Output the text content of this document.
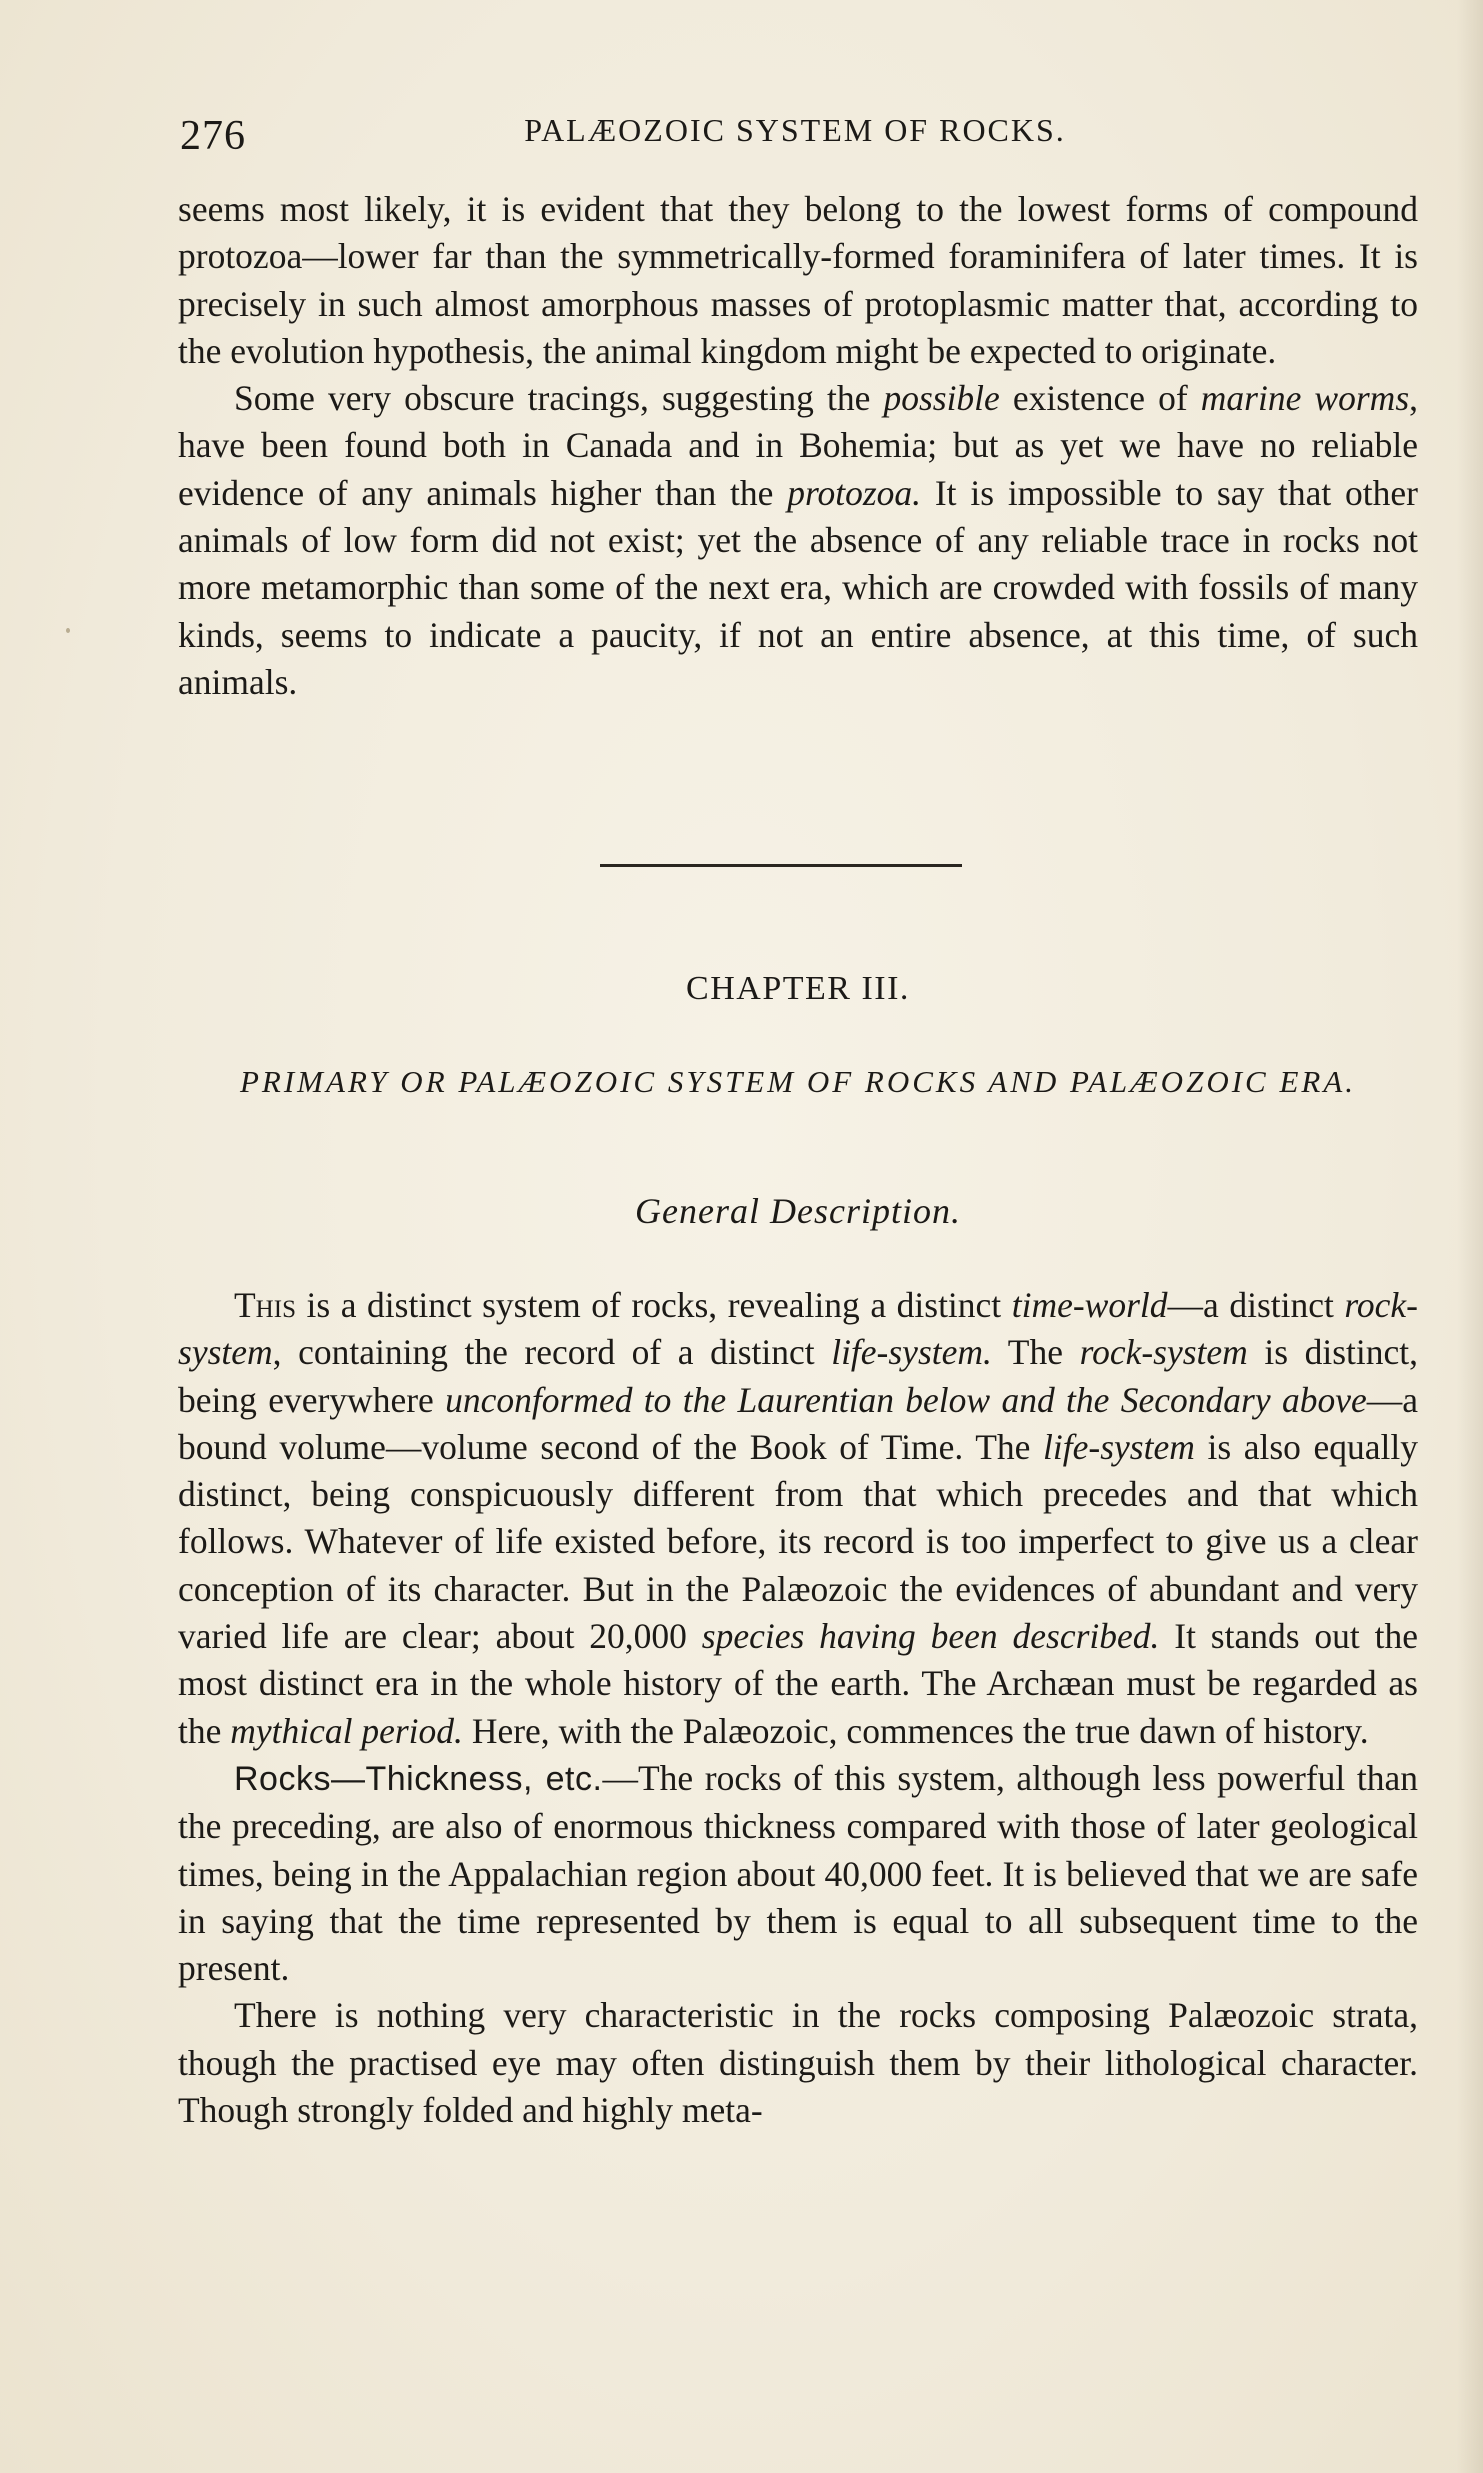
276	PALÆOZOIC SYSTEM OF ROCKS.

seems most likely, it is evident that they belong to the lowest forms of compound protozoa—lower far than the symmetrically-formed foraminifera of later times. It is precisely in such almost amorphous masses of protoplasmic matter that, according to the evolution hypothesis, the animal kingdom might be expected to originate.

Some very obscure tracings, suggesting the possible existence of marine worms, have been found both in Canada and in Bohemia; but as yet we have no reliable evidence of any animals higher than the protozoa. It is impossible to say that other animals of low form did not exist; yet the absence of any reliable trace in rocks not more metamorphic than some of the next era, which are crowded with fossils of many kinds, seems to indicate a paucity, if not an entire absence, at this time, of such animals.

CHAPTER III.
PRIMARY OR PALÆOZOIC SYSTEM OF ROCKS AND PALÆOZOIC ERA.
General Description.

This is a distinct system of rocks, revealing a distinct time-world—a distinct rock-system, containing the record of a distinct life-system. The rock-system is distinct, being everywhere unconformed to the Laurentian below and the Secondary above—a bound volume—volume second of the Book of Time. The life-system is also equally distinct, being conspicuously different from that which precedes and that which follows. Whatever of life existed before, its record is too imperfect to give us a clear conception of its character. But in the Palæozoic the evidences of abundant and very varied life are clear; about 20,000 species having been described. It stands out the most distinct era in the whole history of the earth. The Archæan must be regarded as the mythical period. Here, with the Palæozoic, commences the true dawn of history.

Rocks—Thickness, etc.—The rocks of this system, although less powerful than the preceding, are also of enormous thickness compared with those of later geological times, being in the Appalachian region about 40,000 feet. It is believed that we are safe in saying that the time represented by them is equal to all subsequent time to the present.

There is nothing very characteristic in the rocks composing Palæozoic strata, though the practised eye may often distinguish them by their lithological character. Though strongly folded and highly meta-
